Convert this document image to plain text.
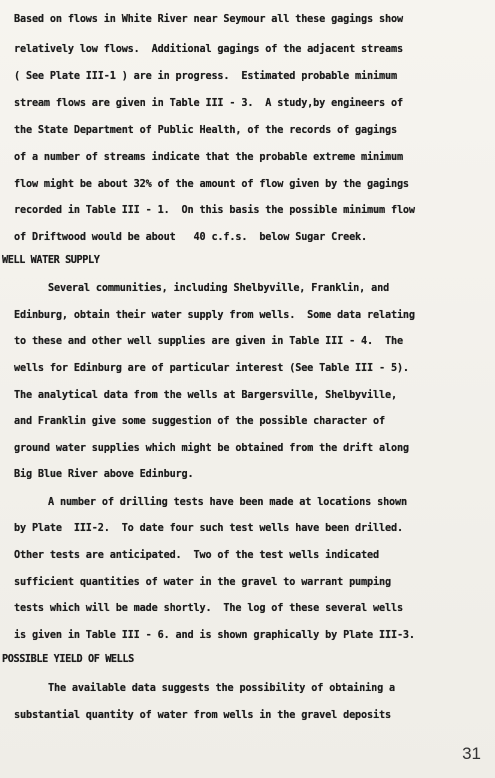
Based on flows in White River near Seymour all these gagings show
relatively low flows.  Additional gagings of the adjacent streams
( See Plate III-1 ) are in progress.  Estimated probable minimum
stream flows are given in Table III - 3.  A study,by engineers of
the State Department of Public Health, of the records of gagings
of a number of streams indicate that the probable extreme minimum
flow might be about 32% of the amount of flow given by the gagings
recorded in Table III - 1.  On this basis the possible minimum flow
of Driftwood would be about   40 c.f.s.  below Sugar Creek.
WELL WATER SUPPLY
Several communities, including Shelbyville, Franklin, and
Edinburg, obtain their water supply from wells.  Some data relating
to these and other well supplies are given in Table III - 4.  The
wells for Edinburg are of particular interest (See Table III - 5).
The analytical data from the wells at Bargersville, Shelbyville,
and Franklin give some suggestion of the possible character of
ground water supplies which might be obtained from the drift along
Big Blue River above Edinburg.
A number of drilling tests have been made at locations shown
by Plate  III-2.  To date four such test wells have been drilled.
Other tests are anticipated.  Two of the test wells indicated
sufficient quantities of water in the gravel to warrant pumping
tests which will be made shortly.  The log of these several wells
is given in Table III - 6. and is shown graphically by Plate III-3.
POSSIBLE YIELD OF WELLS
The available data suggests the possibility of obtaining a
substantial quantity of water from wells in the gravel deposits
31
